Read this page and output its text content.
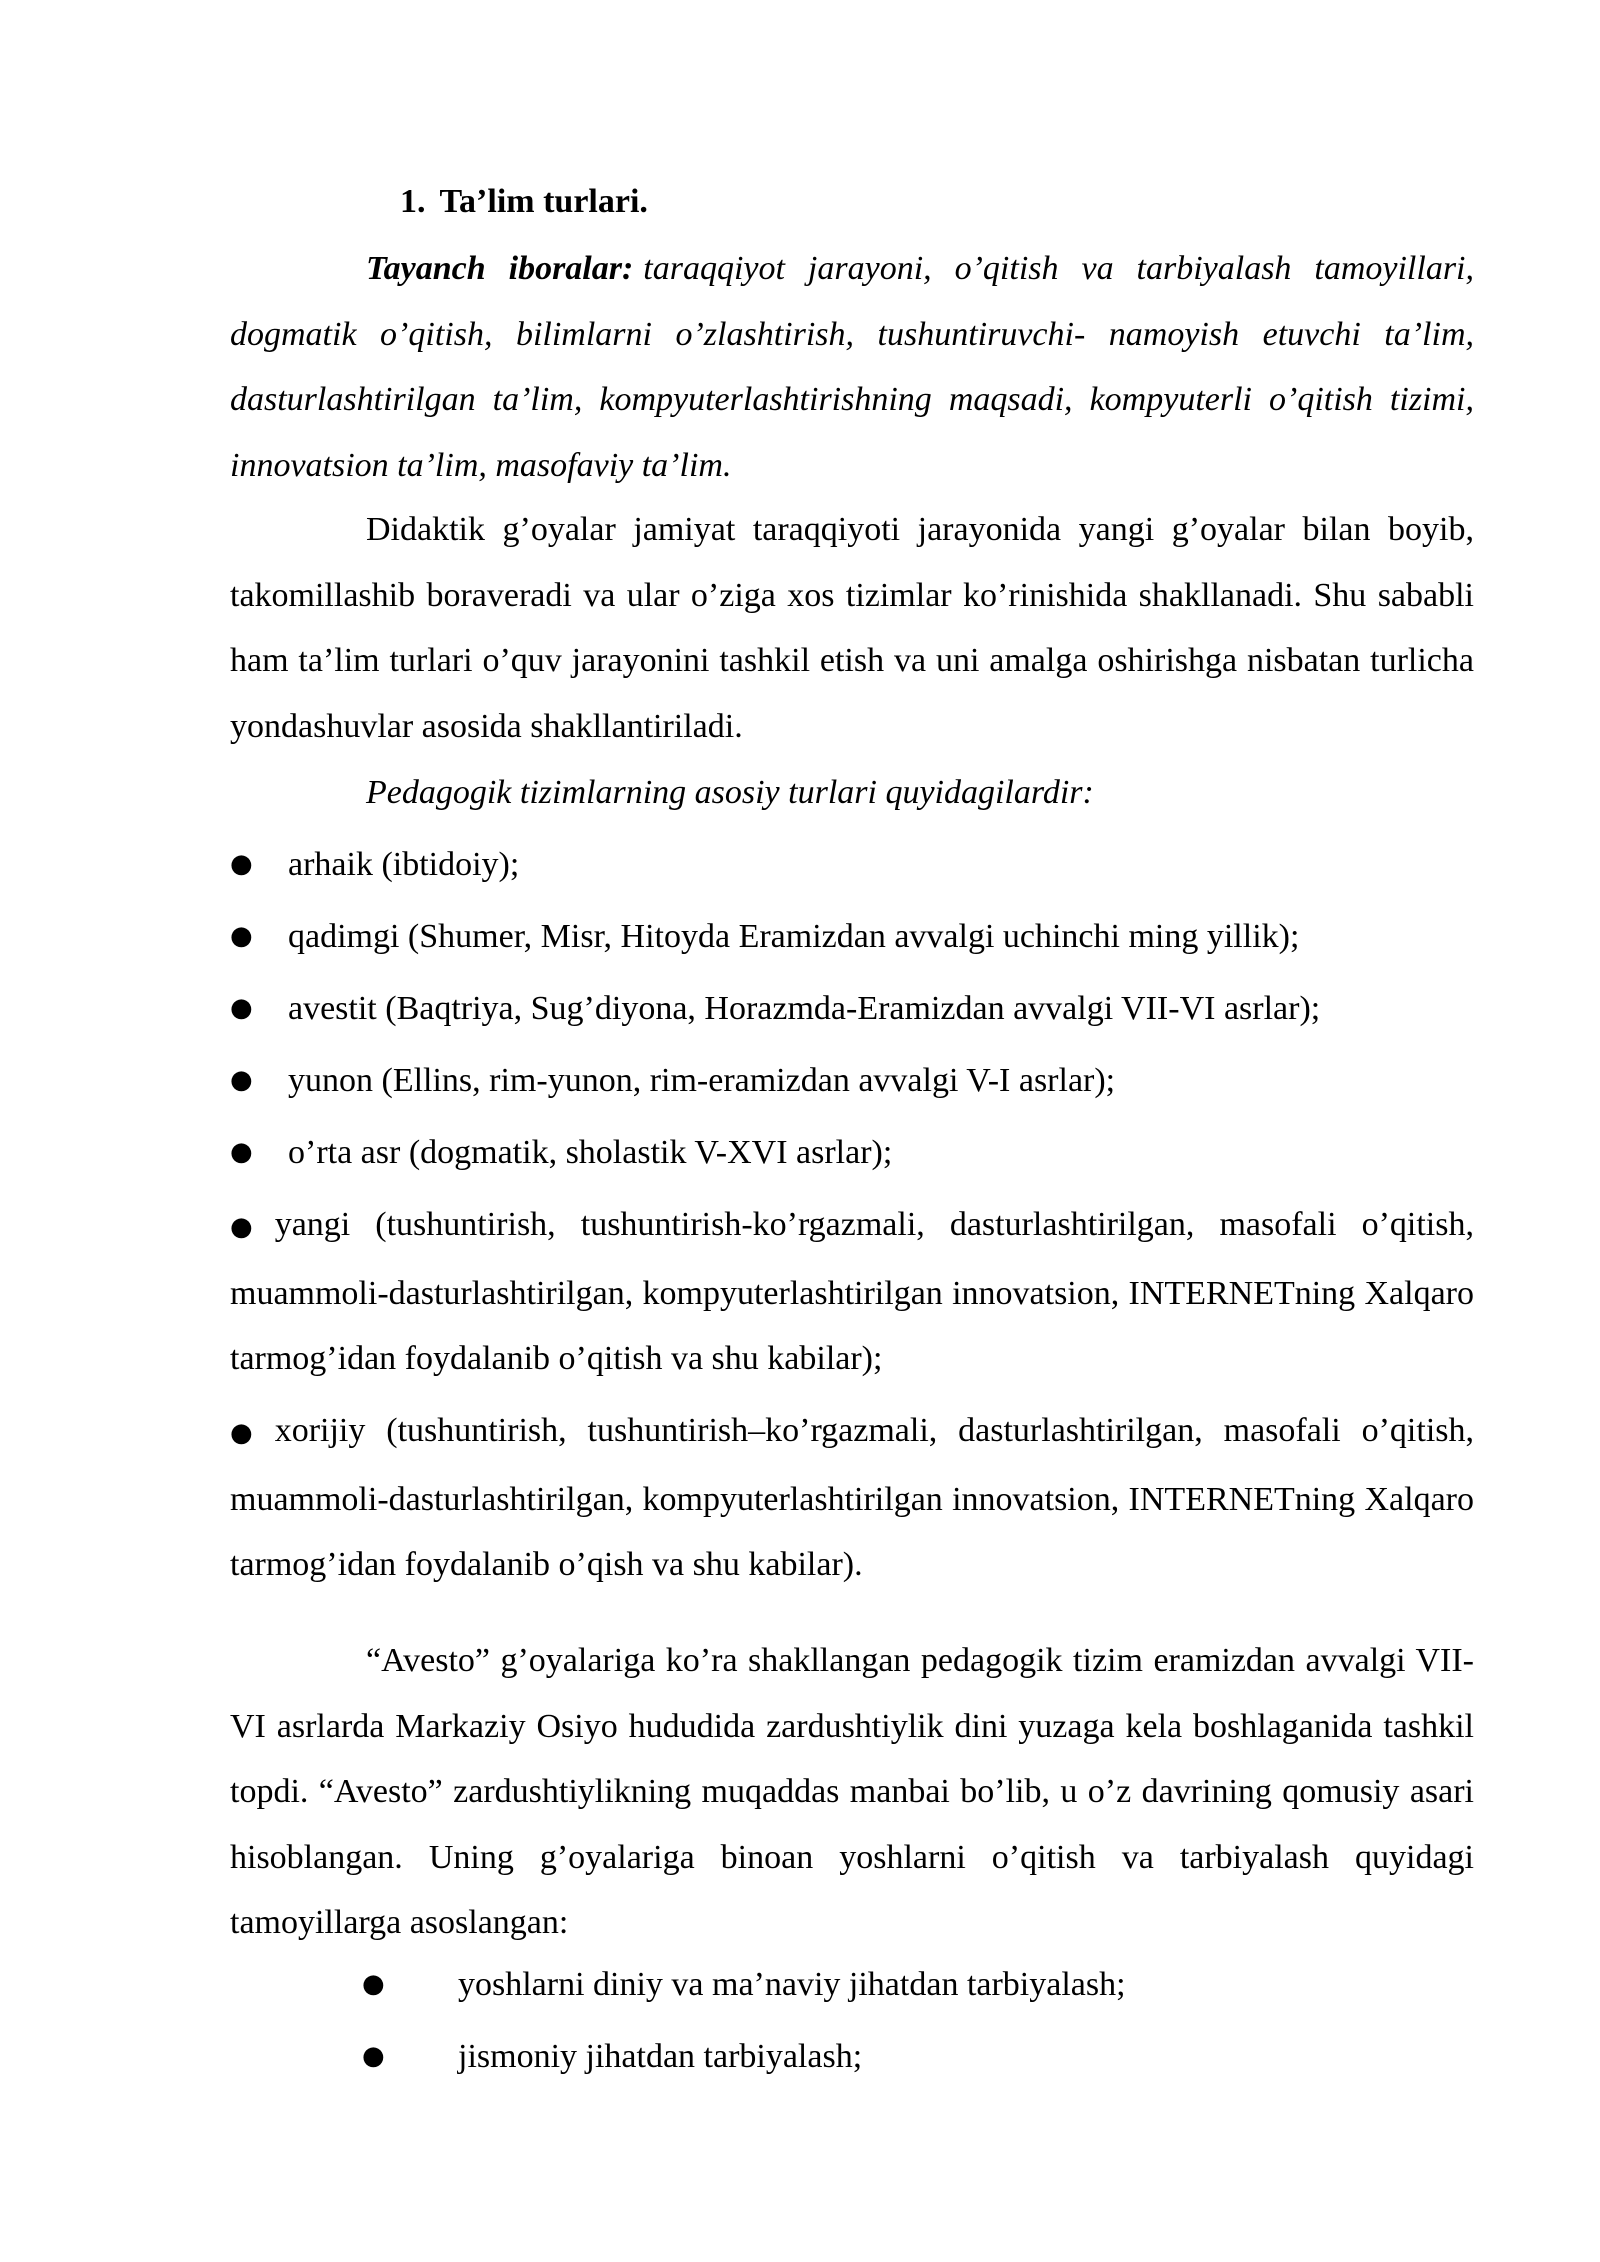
1. Ta’lim turlari.

Tayanch iboralar: taraqqiyot jarayoni, o’qitish va tarbiyalash tamoyillari, dogmatik o’qitish, bilimlarni o’zlashtirish, tushuntiruvchi- namoyish etuvchi ta’lim, dasturlashtirilgan ta’lim, kompyuterlashtirishning maqsadi, kompyuterli o’qitish tizimi, innovatsion ta’lim, masofaviy ta’lim.

Didaktik g’oyalar jamiyat taraqqiyoti jarayonida yangi g’oyalar bilan boyib, takomillashib boraveradi va ular o’ziga xos tizimlar ko’rinishida shakllanadi. Shu sababli ham ta’lim turlari o’quv jarayonini tashkil etish va uni amalga oshirishga nisbatan turlicha yondashuvlar asosida shakllantiriladi.

Pedagogik tizimlarning asosiy turlari quyidagilardir:

● arhaik (ibtidoiy);
● qadimgi (Shumer, Misr, Hitoyda Eramizdan avvalgi uchinchi ming yillik);
● avestit (Baqtriya, Sug’diyona, Horazmda-Eramizdan avvalgi VII-VI asrlar);
● yunon (Ellins, rim-yunon, rim-eramizdan avvalgi V-I asrlar);
● o’rta asr (dogmatik, sholastik V-XVI asrlar);
● yangi (tushuntirish, tushuntirish-ko’rgazmali, dasturlashtirilgan, masofali o’qitish, muammoli-dasturlashtirilgan, kompyuterlashtirilgan innovatsion, INTERNETning Xalqaro tarmog’idan foydalanib o’qitish va shu kabilar);
● xorijiy (tushuntirish, tushuntirish–ko’rgazmali, dasturlashtirilgan, masofali o’qitish, muammoli-dasturlashtirilgan, kompyuterlashtirilgan innovatsion, INTERNETning Xalqaro tarmog’idan foydalanib o’qish va shu kabilar).

“Avesto” g’oyalariga ko’ra shakllangan pedagogik tizim eramizdan avvalgi VII-VI asrlarda Markaziy Osiyo hududida zardushtiylik dini yuzaga kela boshlaganida tashkil topdi. “Avesto” zardushtiylikning muqaddas manbai bo’lib, u o’z davrining qomusiy asari hisoblangan. Uning g’oyalariga binoan yoshlarni o’qitish va tarbiyalash quyidagi tamoyillarga asoslangan:

● yoshlarni diniy va ma’naviy jihatdan tarbiyalash;
● jismoniy jihatdan tarbiyalash;
